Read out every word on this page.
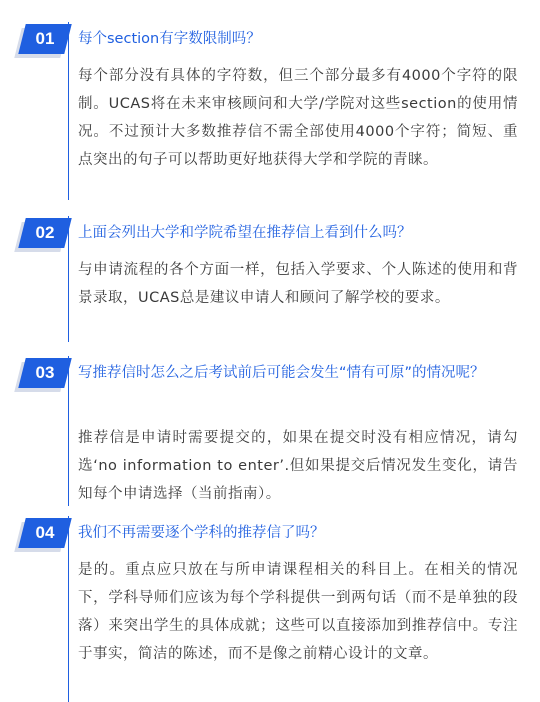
01	每个section有字数限制吗？
每个部分没有具体的字符数，但三个部分最多有4000个字符的限制。UCAS将在未来审核顾问和大学/学院对这些section的使用情况。不过预计大多数推荐信不需全部使用4000个字符；简短、重点突出的句子可以帮助更好地获得大学和学院的青睐。
02	上面会列出大学和学院希望在推荐信上看到什么吗？
与申请流程的各个方面一样，包括入学要求、个人陈述的使用和背景录取，UCAS总是建议申请人和顾问了解学校的要求。
03	写推荐信时怎么之后考试前后可能会发生“情有可原”的情况呢？
推荐信是申请时需要提交的，如果在提交时没有相应情况，请勾选‘no information to enter’.但如果提交后情况发生变化，请告知每个申请选择（当前指南）。
04	我们不再需要逐个学科的推荐信了吗？
是的。重点应只放在与所申请课程相关的科目上。在相关的情况下，学科导师们应该为每个学科提供一到两句话（而不是单独的段落）来突出学生的具体成就；这些可以直接添加到推荐信中。专注于事实，简洁的陈述，而不是像之前精心设计的文章。
